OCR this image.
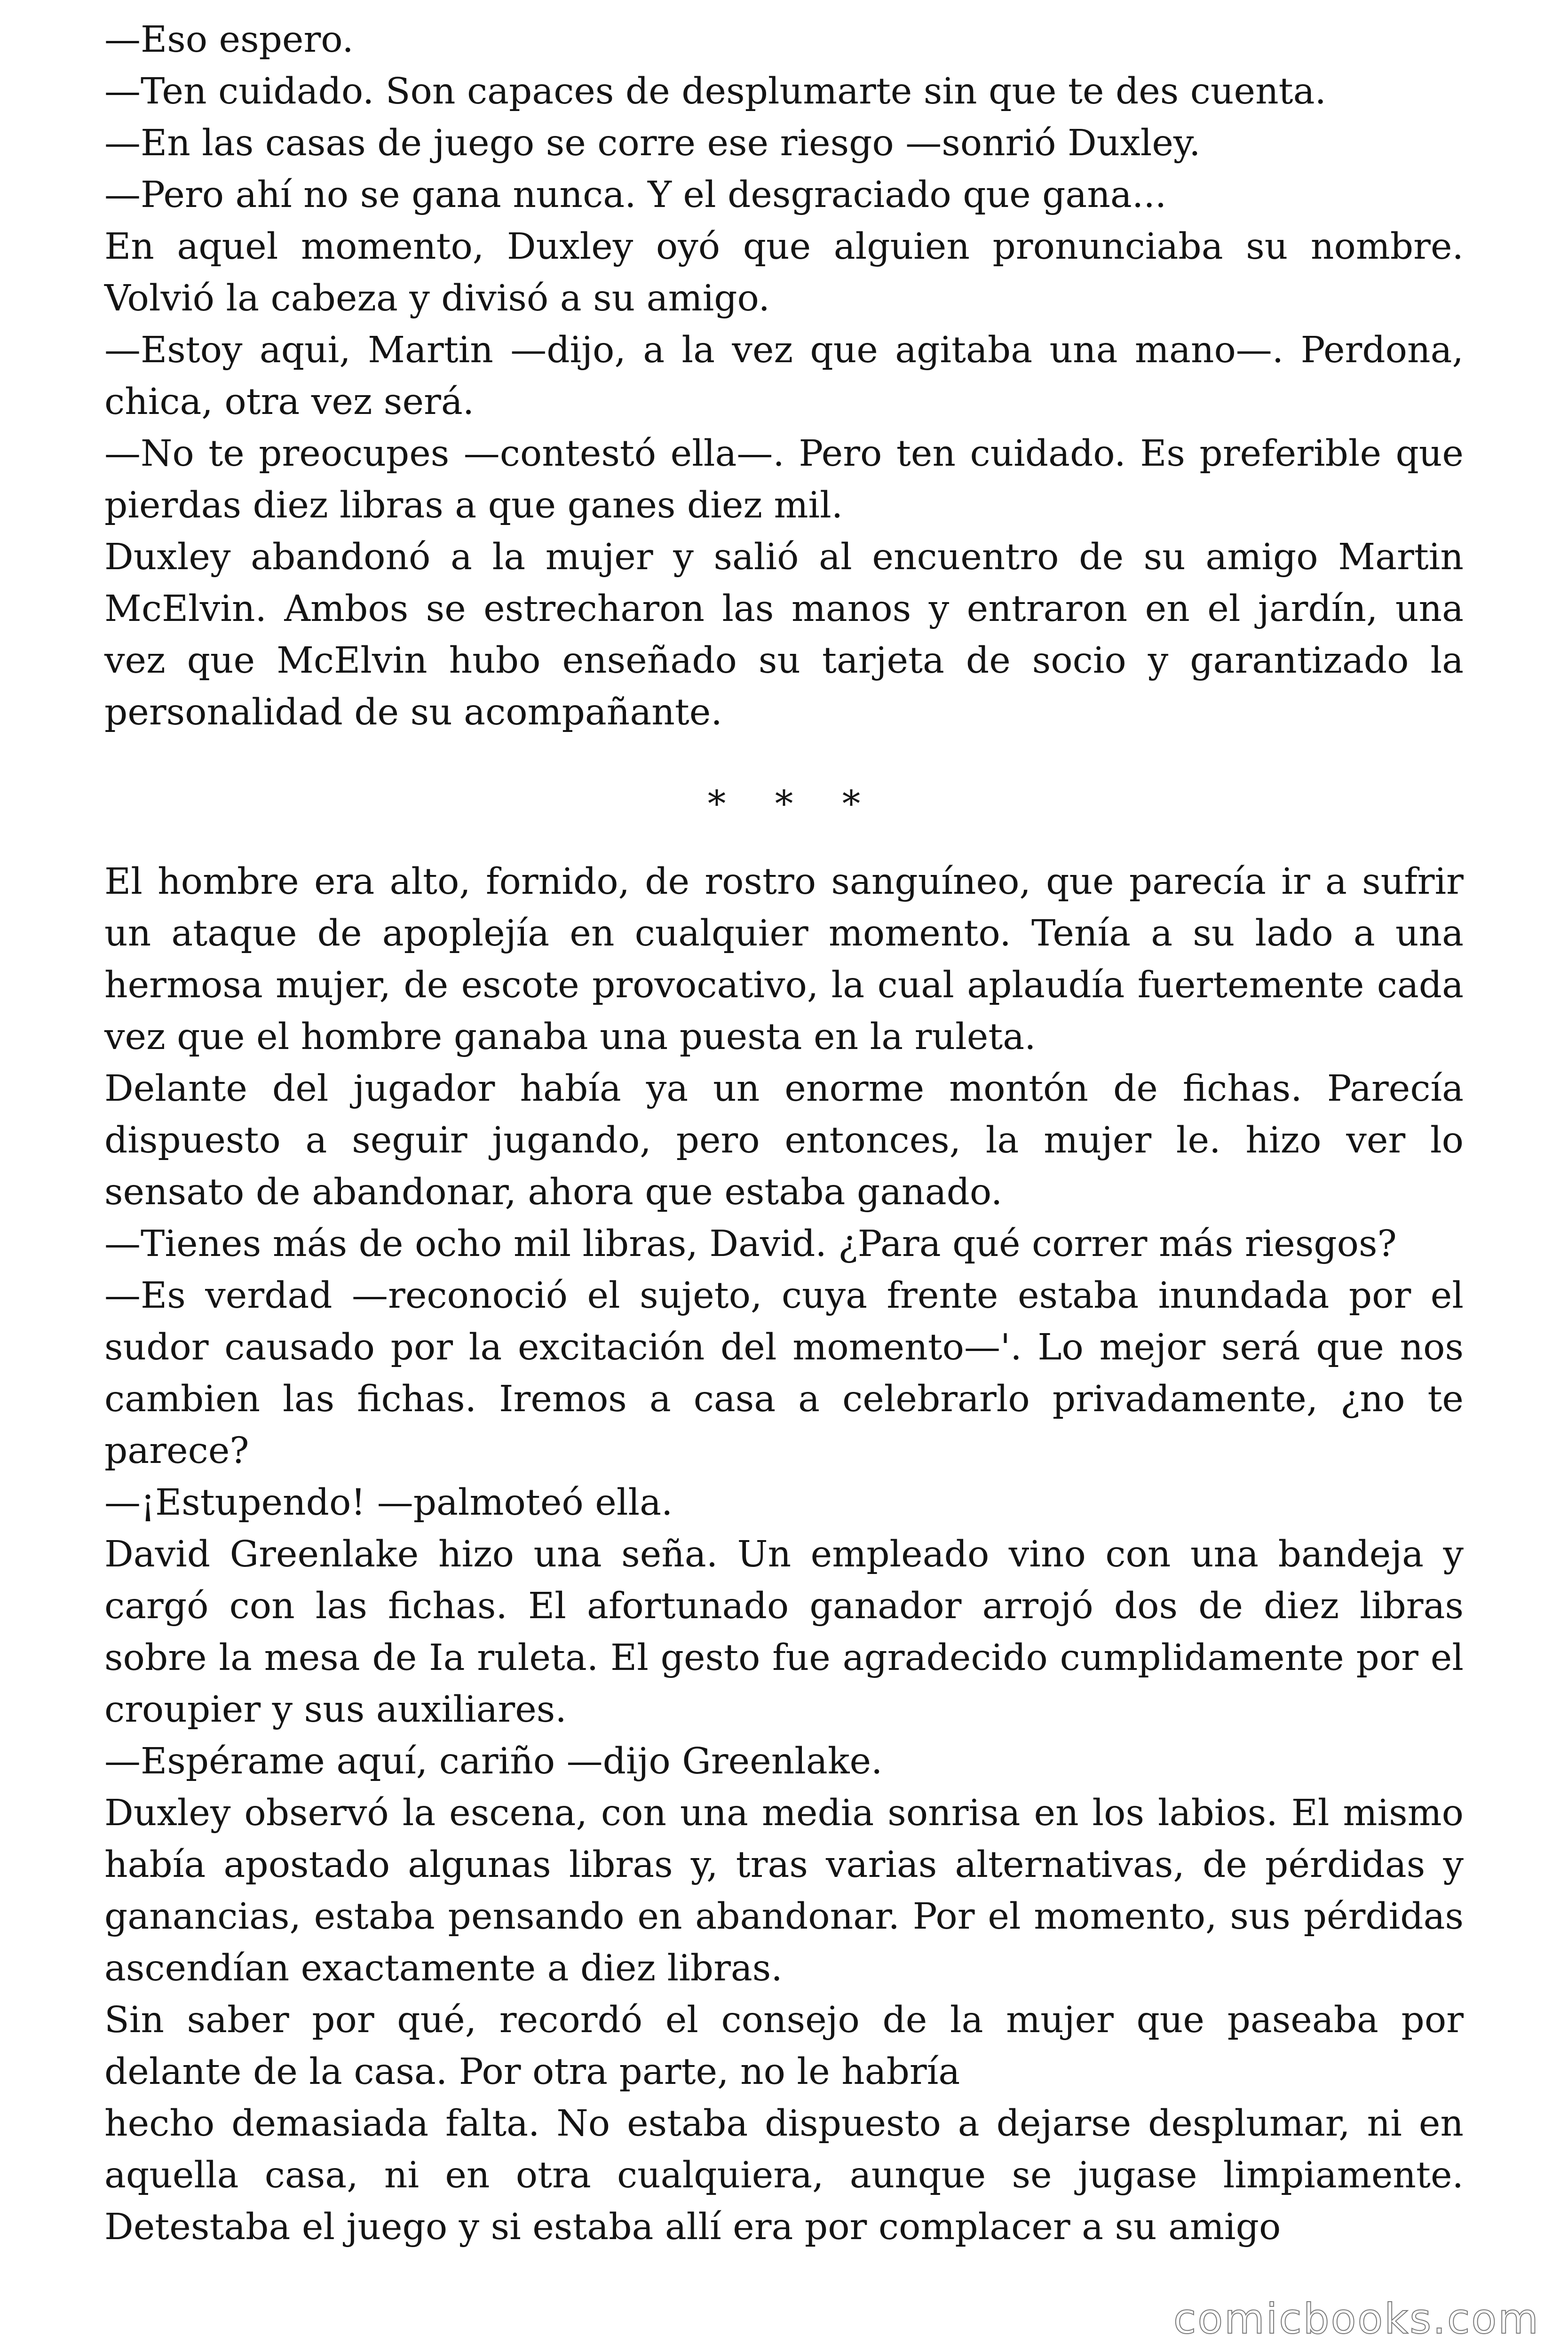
—Eso espero.

—Ten cuidado. Son capaces de desplumarte sin que te des cuenta.

—En las casas de juego se corre ese riesgo —sonrió Duxley.

—Pero ahí no se gana nunca. Y el desgraciado que gana...

En aquel momento, Duxley oyó que alguien pronunciaba su nombre. Volvió la cabeza y divisó a su amigo.

—Estoy aqui, Martin —dijo, a la vez que agitaba una mano—. Perdona, chica, otra vez será.

—No te preocupes —contestó ella—. Pero ten cuidado. Es preferible que pierdas diez libras a que ganes diez mil.

Duxley abandonó a la mujer y salió al encuentro de su amigo Martin McElvin. Ambos se estrecharon las manos y entraron en el jardín, una vez que McElvin hubo enseñado su tarjeta de socio y garantizado la personalidad de su acompañante.

* * *

El hombre era alto, fornido, de rostro sanguíneo, que parecía ir a sufrir un ataque de apoplejía en cualquier momento. Tenía a su lado a una hermosa mujer, de escote provocativo, la cual aplaudía fuertemente cada vez que el hombre ganaba una puesta en la ruleta.

Delante del jugador había ya un enorme montón de fichas. Parecía dispuesto a seguir jugando, pero entonces, la mujer le. hizo ver lo sensato de abandonar, ahora que estaba ganado.

—Tienes más de ocho mil libras, David. ¿Para qué correr más riesgos?

—Es verdad —reconoció el sujeto, cuya frente estaba inundada por el sudor causado por la excitación del momento—'. Lo mejor será que nos cambien las fichas. Iremos a casa a celebrarlo privadamente, ¿no te parece?

—¡Estupendo! —palmoteó ella.

David Greenlake hizo una seña. Un empleado vino con una bandeja y cargó con las fichas. El afortunado ganador arrojó dos de diez libras sobre la mesa de Ia ruleta. El gesto fue agradecido cumplidamente por el croupier y sus auxiliares.

—Espérame aquí, cariño —dijo Greenlake.

Duxley observó la escena, con una media sonrisa en los labios. El mismo había apostado algunas libras y, tras varias alternativas, de pérdidas y ganancias, estaba pensando en abandonar. Por el momento, sus pérdidas ascendían exactamente a diez libras.

Sin saber por qué, recordó el consejo de la mujer que paseaba por delante de la casa. Por otra parte, no le habría

hecho demasiada falta. No estaba dispuesto a dejarse desplumar, ni en aquella casa, ni en otra cualquiera, aunque se jugase limpiamente. Detestaba el juego y si estaba allí era por complacer a su amigo

comicbooks.com
